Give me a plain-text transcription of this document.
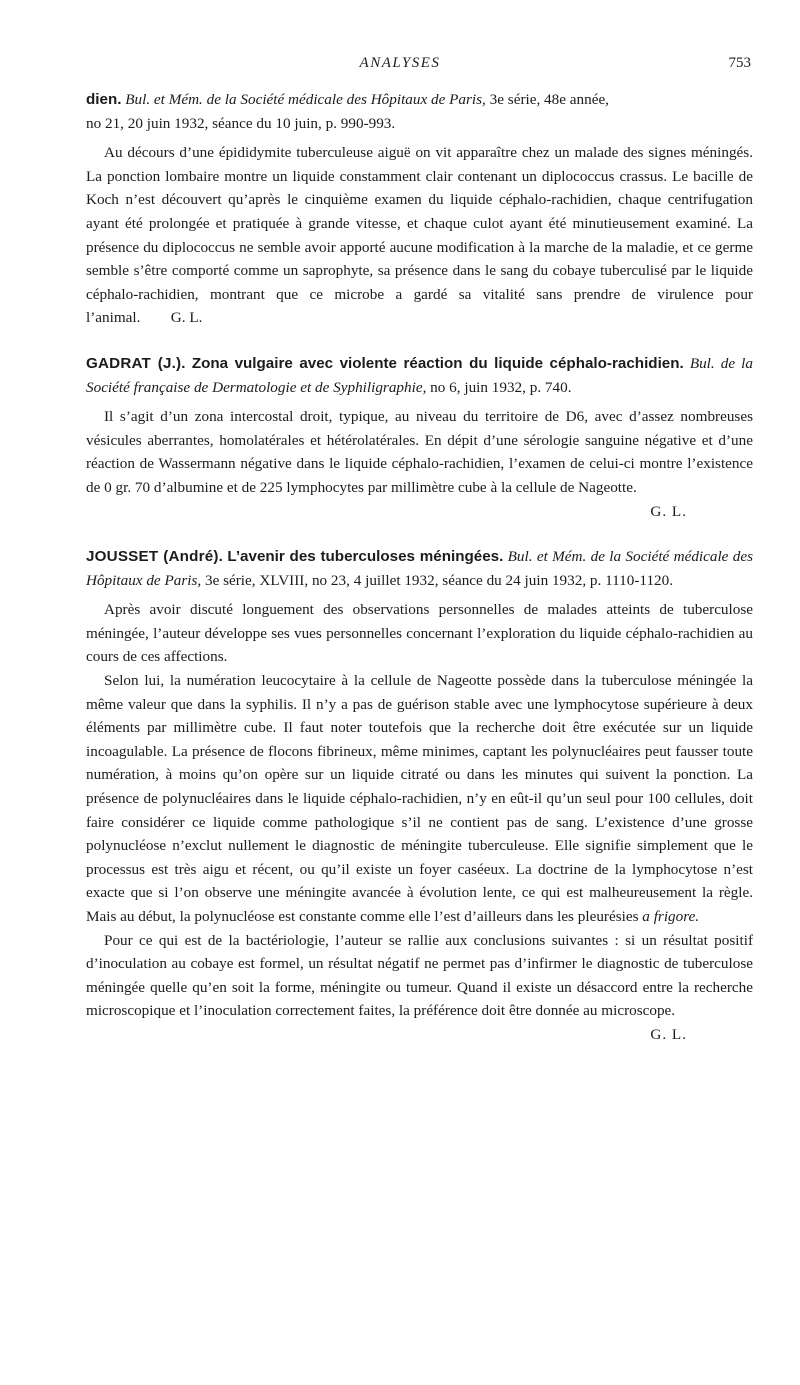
ANALYSES	753
dien. Bul. et Mém. de la Société médicale des Hôpitaux de Paris, 3e série, 48e année,
no 21, 20 juin 1932, séance du 10 juin, p. 990-993.

Au décours d’une épididymite tuberculeuse aiguë on vit apparaître chez un malade des signes méningés. La ponction lombaire montre un liquide constamment clair contenant un diplococcus crassus. Le bacille de Koch n’est découvert qu’après le cinquième examen du liquide céphalo-rachidien, chaque centrifugation ayant été prolongée et pratiquée à grande vitesse, et chaque culot ayant été minutieusement examiné. La présence du diplococcus ne semble avoir apporté aucune modification à la marche de la maladie, et ce germe semble s’être comporté comme un saprophyte, sa présence dans le sang du cobaye tuberculisé par le liquide céphalo-rachidien, montrant que ce microbe a gardé sa vitalité sans prendre de virulence pour l’animal. G. L.

GADRAT (J.). Zona vulgaire avec violente réaction du liquide céphalo-rachidien. Bul. de la Société française de Dermatologie et de Syphiligraphie, no 6, juin 1932, p. 740.

Il s’agit d’un zona intercostal droit, typique, au niveau du territoire de D6, avec d’assez nombreuses vésicules aberrantes, homolatérales et hétérolatérales. En dépit d’une sérologie sanguine négative et d’une réaction de Wassermann négative dans le liquide céphalo-rachidien, l’examen de celui-ci montre l’existence de 0 gr. 70 d’albumine et de 225 lymphocytes par millimètre cube à la cellule de Nageotte.

G. L.

JOUSSET (André). L’avenir des tuberculoses méningées. Bul. et Mém. de la Société médicale des Hôpitaux de Paris, 3e série, XLVIII, no 23, 4 juillet 1932, séance du 24 juin 1932, p. 1110-1120.

Après avoir discuté longuement des observations personnelles de malades atteints de tuberculose méningée, l’auteur développe ses vues personnelles concernant l’exploration du liquide céphalo-rachidien au cours de ces affections.

Selon lui, la numération leucocytaire à la cellule de Nageotte possède dans la tuberculose méningée la même valeur que dans la syphilis. Il n’y a pas de guérison stable avec une lymphocytose supérieure à deux éléments par millimètre cube. Il faut noter toutefois que la recherche doit être exécutée sur un liquide incoagulable. La présence de flocons fibrineux, même minimes, captant les polynucléaires peut fausser toute numération, à moins qu’on opère sur un liquide citraté ou dans les minutes qui suivent la ponction. La présence de polynucléaires dans le liquide céphalo-rachidien, n’y en eût-il qu’un seul pour 100 cellules, doit faire considérer ce liquide comme pathologique s’il ne contient pas de sang. L’existence d’une grosse polynucléose n’exclut nullement le diagnostic de méningite tuberculeuse. Elle signifie simplement que le processus est très aigu et récent, ou qu’il existe un foyer caséeux. La doctrine de la lymphocytose n’est exacte que si l’on observe une méningite avancée à évolution lente, ce qui est malheureusement la règle. Mais au début, la polynucléose est constante comme elle l’est d’ailleurs dans les pleurésies a frigore.

Pour ce qui est de la bactériologie, l’auteur se rallie aux conclusions suivantes : si un résultat positif d’inoculation au cobaye est formel, un résultat négatif ne permet pas d’infirmer le diagnostic de tuberculose méningée quelle qu’en soit la forme, méningite ou tumeur. Quand il existe un désaccord entre la recherche microscopique et l’inoculation correctement faites, la préférence doit être donnée au microscope.

G. L.
